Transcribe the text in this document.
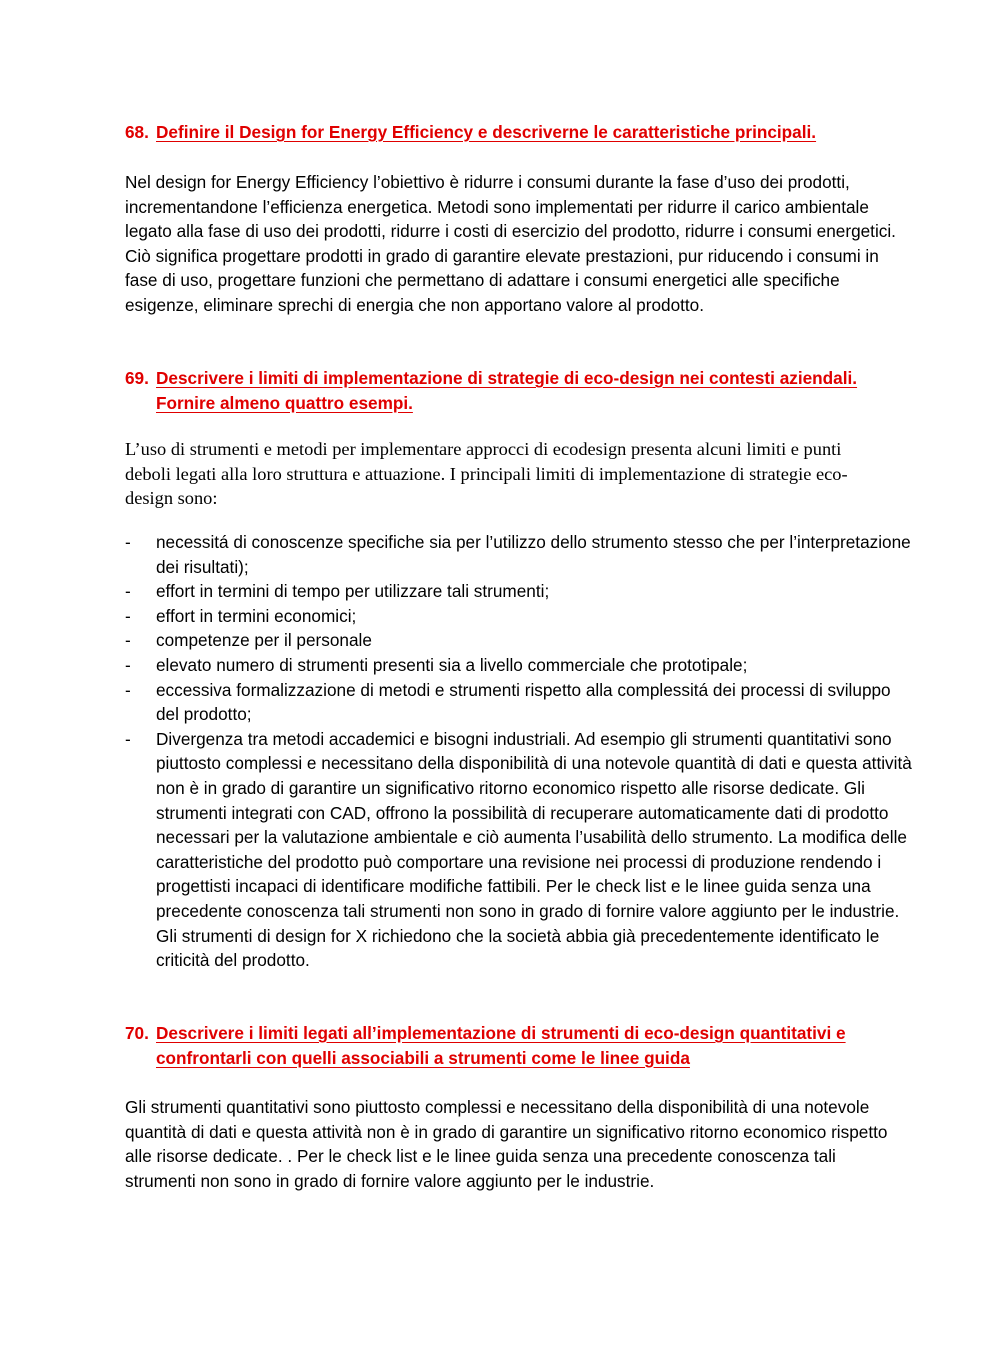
68. Definire il Design for Energy Efficiency e descriverne le caratteristiche principali.

Nel design for Energy Efficiency l’obiettivo è ridurre i consumi durante la fase d’uso dei prodotti, incrementandone l’efficienza energetica. Metodi sono implementati per ridurre il carico ambientale legato alla fase di uso dei prodotti, ridurre i costi di esercizio del prodotto, ridurre i consumi energetici. Ciò significa progettare prodotti in grado di garantire elevate prestazioni, pur riducendo i consumi in fase di uso, progettare funzioni che permettano di adattare i consumi energetici alle specifiche esigenze, eliminare sprechi di energia che non apportano valore al prodotto.

69. Descrivere i limiti di implementazione di strategie di eco-design nei contesti aziendali. Fornire almeno quattro esempi.

L’uso di strumenti e metodi per implementare approcci di ecodesign presenta alcuni limiti e punti deboli legati alla loro struttura e attuazione. I principali limiti di implementazione di strategie eco-design sono:

-	necessitá di conoscenze specifiche sia per l’utilizzo dello strumento stesso che per l’interpretazione dei risultati);
-	effort in termini di tempo per utilizzare tali strumenti;
-	effort in termini economici;
-	competenze per il personale
-	elevato numero di strumenti presenti sia a livello commerciale che prototipale;
-	eccessiva formalizzazione di metodi e strumenti rispetto alla complessitá dei processi di sviluppo del prodotto;
-	Divergenza tra metodi accademici e bisogni industriali. Ad esempio gli strumenti quantitativi sono piuttosto complessi e necessitano della disponibilità di una notevole quantità di dati e questa attività non è in grado di garantire un significativo ritorno economico rispetto alle risorse dedicate. Gli strumenti integrati con CAD, offrono la possibilità di recuperare automaticamente dati di prodotto necessari per la valutazione ambientale e ciò aumenta l’usabilità dello strumento. La modifica delle caratteristiche del prodotto può comportare una revisione nei processi di produzione rendendo i progettisti incapaci di identificare modifiche fattibili. Per le check list e le linee guida senza una precedente conoscenza tali strumenti non sono in grado di fornire valore aggiunto per le industrie. Gli strumenti di design for X richiedono che la società abbia già precedentemente identificato le criticità del prodotto.
70. Descrivere i limiti legati all’implementazione di strumenti di eco-design quantitativi e confrontarli con quelli associabili a strumenti come le linee guida

Gli strumenti quantitativi sono piuttosto complessi e necessitano della disponibilità di una notevole quantità di dati e questa attività non è in grado di garantire un significativo ritorno economico rispetto alle risorse dedicate. . Per le check list e le linee guida senza una precedente conoscenza tali strumenti non sono in grado di fornire valore aggiunto per le industrie.
